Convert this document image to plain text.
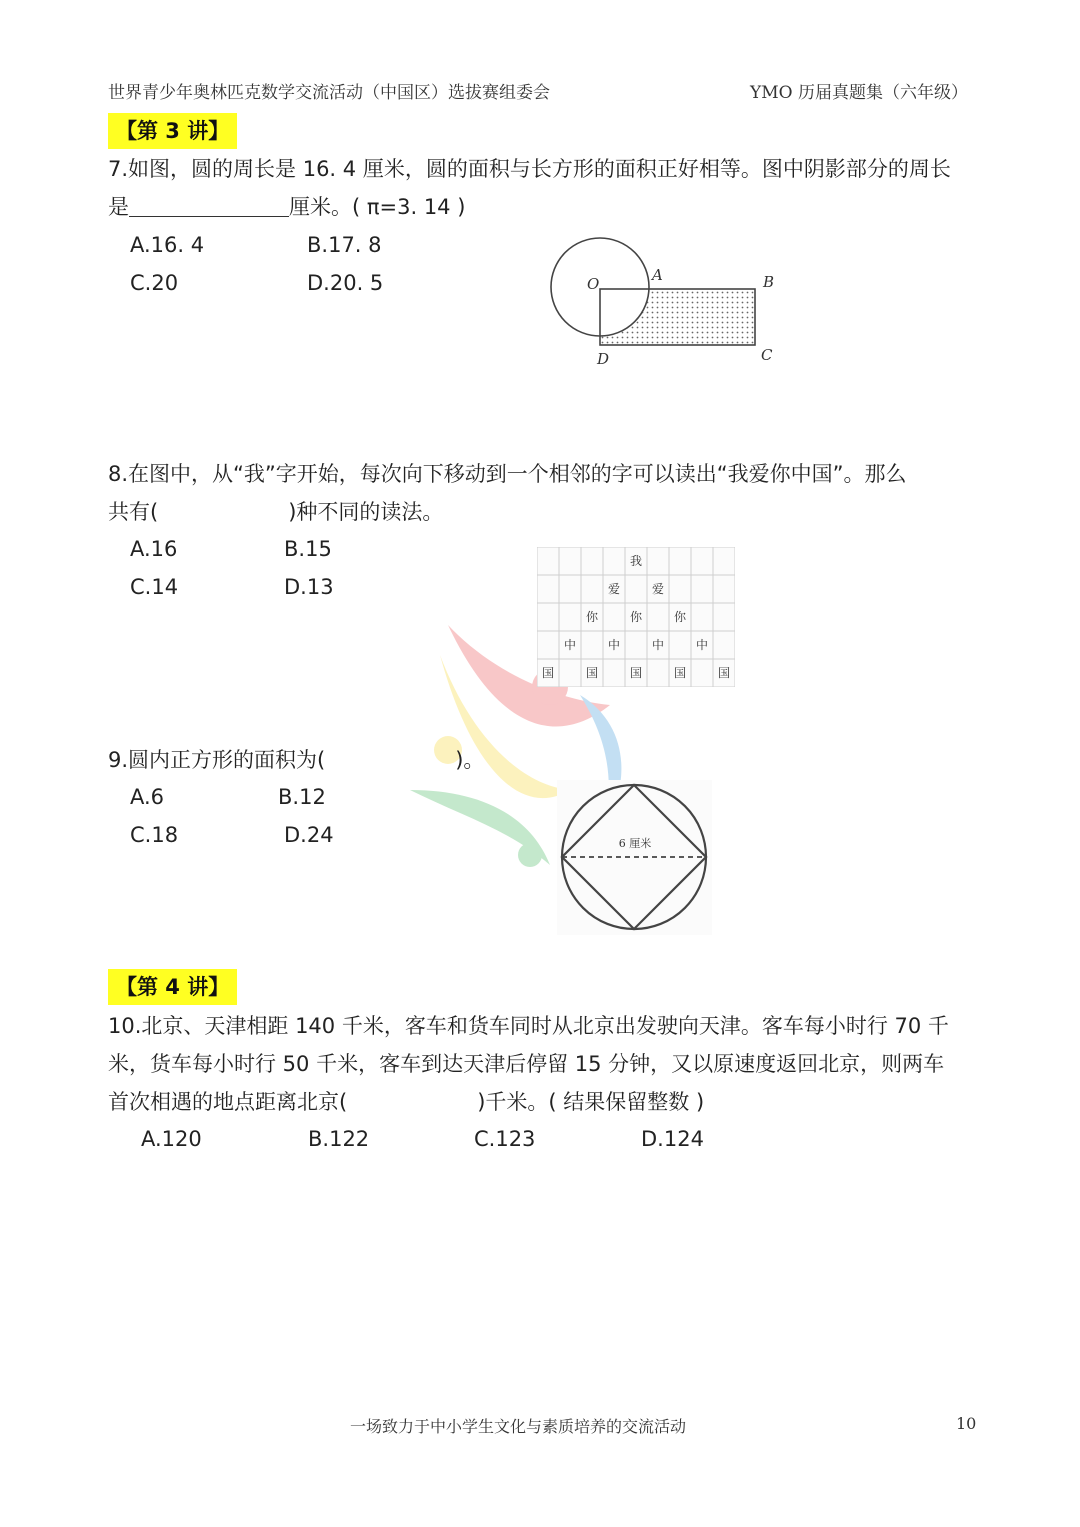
世界青少年奥林匹克数学交流活动（中国区）选拔赛组委会	YMO 历届真题集（六年级）
【第 3 讲】
7.如图，圆的周长是 16. 4 厘米，圆的面积与长方形的面积正好相等。图中阴影部分的周长
是	厘米。( π=3. 14 )
A.16. 4	B.17. 8
C.20	D.20. 5	O	A	B
C
D
8.在图中，从“我”字开始，每次向下移动到一个相邻的字可以读出“我爱你中国”。那么
共有(	)种不同的读法。
A.16	B.15
C.14	D.13
我
爱	爱
你	你	你
中	中	中	中
国	国	国	国	国
9.圆内正方形的面积为(	)。
A.6	B.12
C.18	D.24	6 厘米
【第 4 讲】
10.北京、天津相距 140 千米，客车和货车同时从北京出发驶向天津。客车每小时行 70 千
米，货车每小时行 50 千米，客车到达天津后停留 15 分钟，又以原速度返回北京，则两车
首次相遇的地点距离北京(	)千米。( 结果保留整数 )
A.120	B.122	C.123	D.124
一场致力于中小学生文化与素质培养的交流活动	10
